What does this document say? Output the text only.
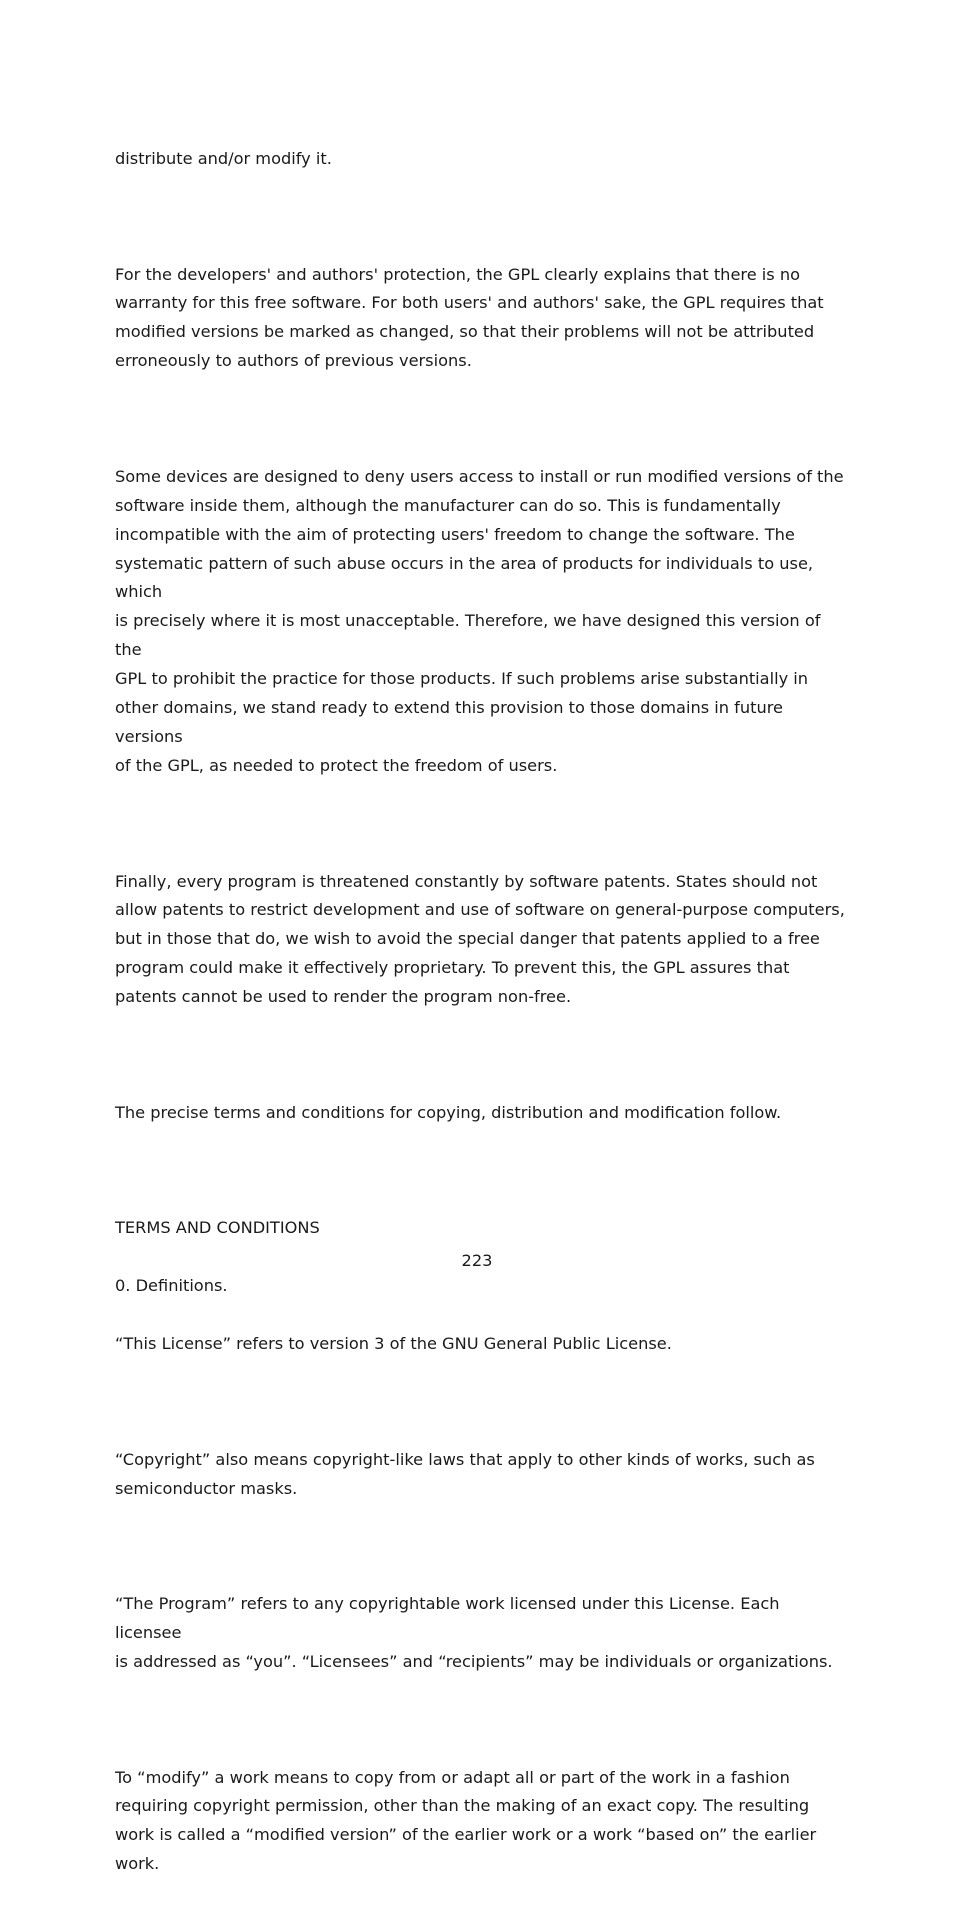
distribute and/or modify it.

For the developers' and authors' protection, the GPL clearly explains that there is no
warranty for this free software. For both users' and authors' sake, the GPL requires that
modified versions be marked as changed, so that their problems will not be attributed
erroneously to authors of previous versions.

Some devices are designed to deny users access to install or run modified versions of the
software inside them, although the manufacturer can do so. This is fundamentally
incompatible with the aim of protecting users' freedom to change the software. The
systematic pattern of such abuse occurs in the area of products for individuals to use, which
is precisely where it is most unacceptable. Therefore, we have designed this version of the
GPL to prohibit the practice for those products. If such problems arise substantially in
other domains, we stand ready to extend this provision to those domains in future versions
of the GPL, as needed to protect the freedom of users.

Finally, every program is threatened constantly by software patents. States should not
allow patents to restrict development and use of software on general-purpose computers,
but in those that do, we wish to avoid the special danger that patents applied to a free
program could make it effectively proprietary. To prevent this, the GPL assures that
patents cannot be used to render the program non-free.

The precise terms and conditions for copying, distribution and modification follow.

TERMS AND CONDITIONS

0. Definitions.

“This License” refers to version 3 of the GNU General Public License.

“Copyright” also means copyright-like laws that apply to other kinds of works, such as
semiconductor masks.

“The Program” refers to any copyrightable work licensed under this License. Each licensee
is addressed as “you”. “Licensees” and “recipients” may be individuals or organizations.

To “modify” a work means to copy from or adapt all or part of the work in a fashion
requiring copyright permission, other than the making of an exact copy. The resulting
work is called a “modified version” of the earlier work or a work “based on” the earlier work.

223
